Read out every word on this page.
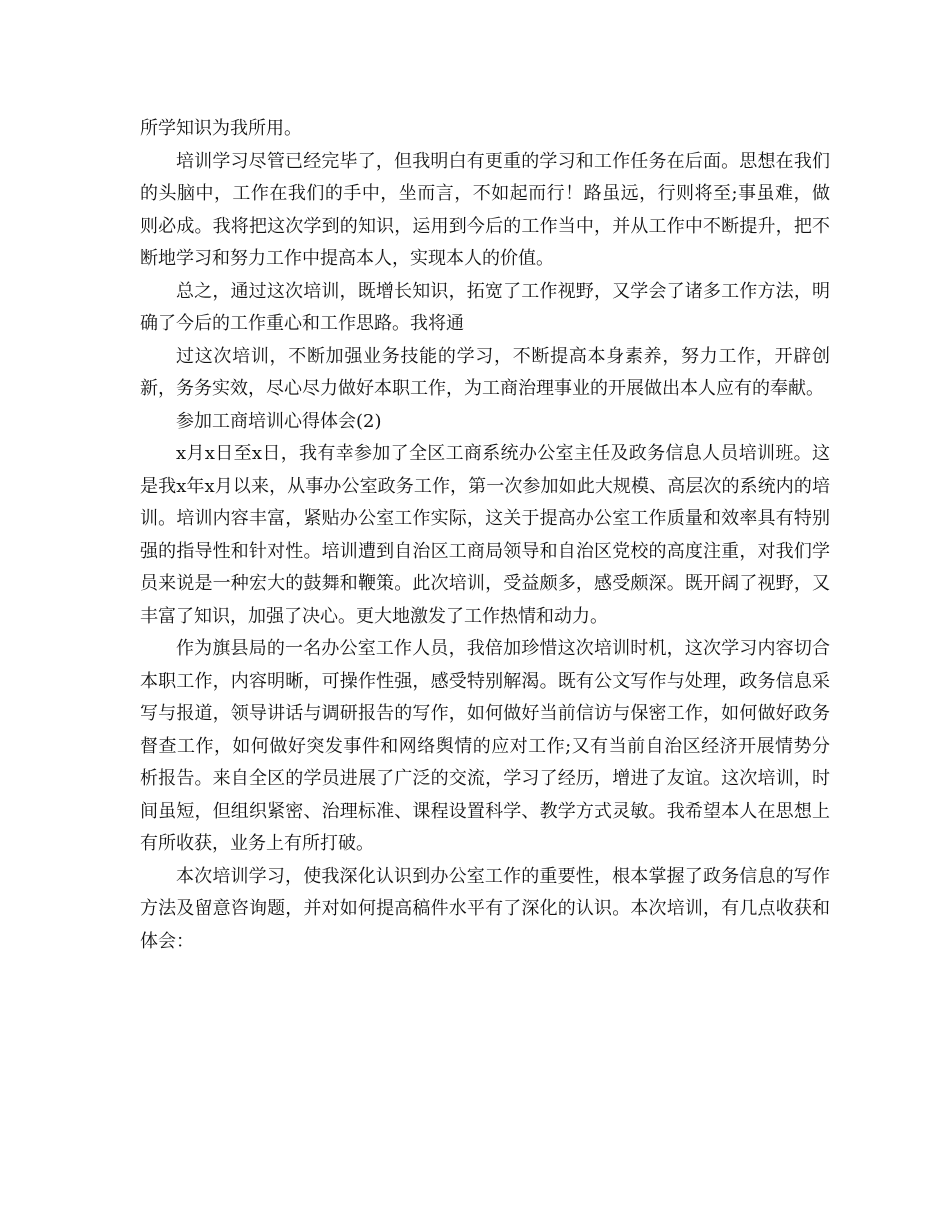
所学知识为我所用。

培训学习尽管已经完毕了，但我明白有更重的学习和工作任务在后面。思想在我们的头脑中，工作在我们的手中，坐而言，不如起而行！路虽远，行则将至;事虽难，做则必成。我将把这次学到的知识，运用到今后的工作当中，并从工作中不断提升，把不断地学习和努力工作中提高本人，实现本人的价值。

总之，通过这次培训，既增长知识，拓宽了工作视野，又学会了诸多工作方法，明确了今后的工作重心和工作思路。我将通

过这次培训，不断加强业务技能的学习，不断提高本身素养，努力工作，开辟创新，务务实效，尽心尽力做好本职工作，为工商治理事业的开展做出本人应有的奉献。

参加工商培训心得体会(2)

x月x日至x日，我有幸参加了全区工商系统办公室主任及政务信息人员培训班。这是我x年x月以来，从事办公室政务工作，第一次参加如此大规模、高层次的系统内的培训。培训内容丰富，紧贴办公室工作实际，这关于提高办公室工作质量和效率具有特别强的指导性和针对性。培训遭到自治区工商局领导和自治区党校的高度注重，对我们学员来说是一种宏大的鼓舞和鞭策。此次培训，受益颇多，感受颇深。既开阔了视野，又丰富了知识，加强了决心。更大地激发了工作热情和动力。

作为旗县局的一名办公室工作人员，我倍加珍惜这次培训时机，这次学习内容切合本职工作，内容明晰，可操作性强，感受特别解渴。既有公文写作与处理，政务信息采写与报道，领导讲话与调研报告的写作，如何做好当前信访与保密工作，如何做好政务督查工作，如何做好突发事件和网络舆情的应对工作;又有当前自治区经济开展情势分析报告。来自全区的学员进展了广泛的交流，学习了经历，增进了友谊。这次培训，时间虽短，但组织紧密、治理标准、课程设置科学、教学方式灵敏。我希望本人在思想上有所收获，业务上有所打破。

本次培训学习，使我深化认识到办公室工作的重要性，根本掌握了政务信息的写作方法及留意咨询题，并对如何提高稿件水平有了深化的认识。本次培训，有几点收获和体会：
